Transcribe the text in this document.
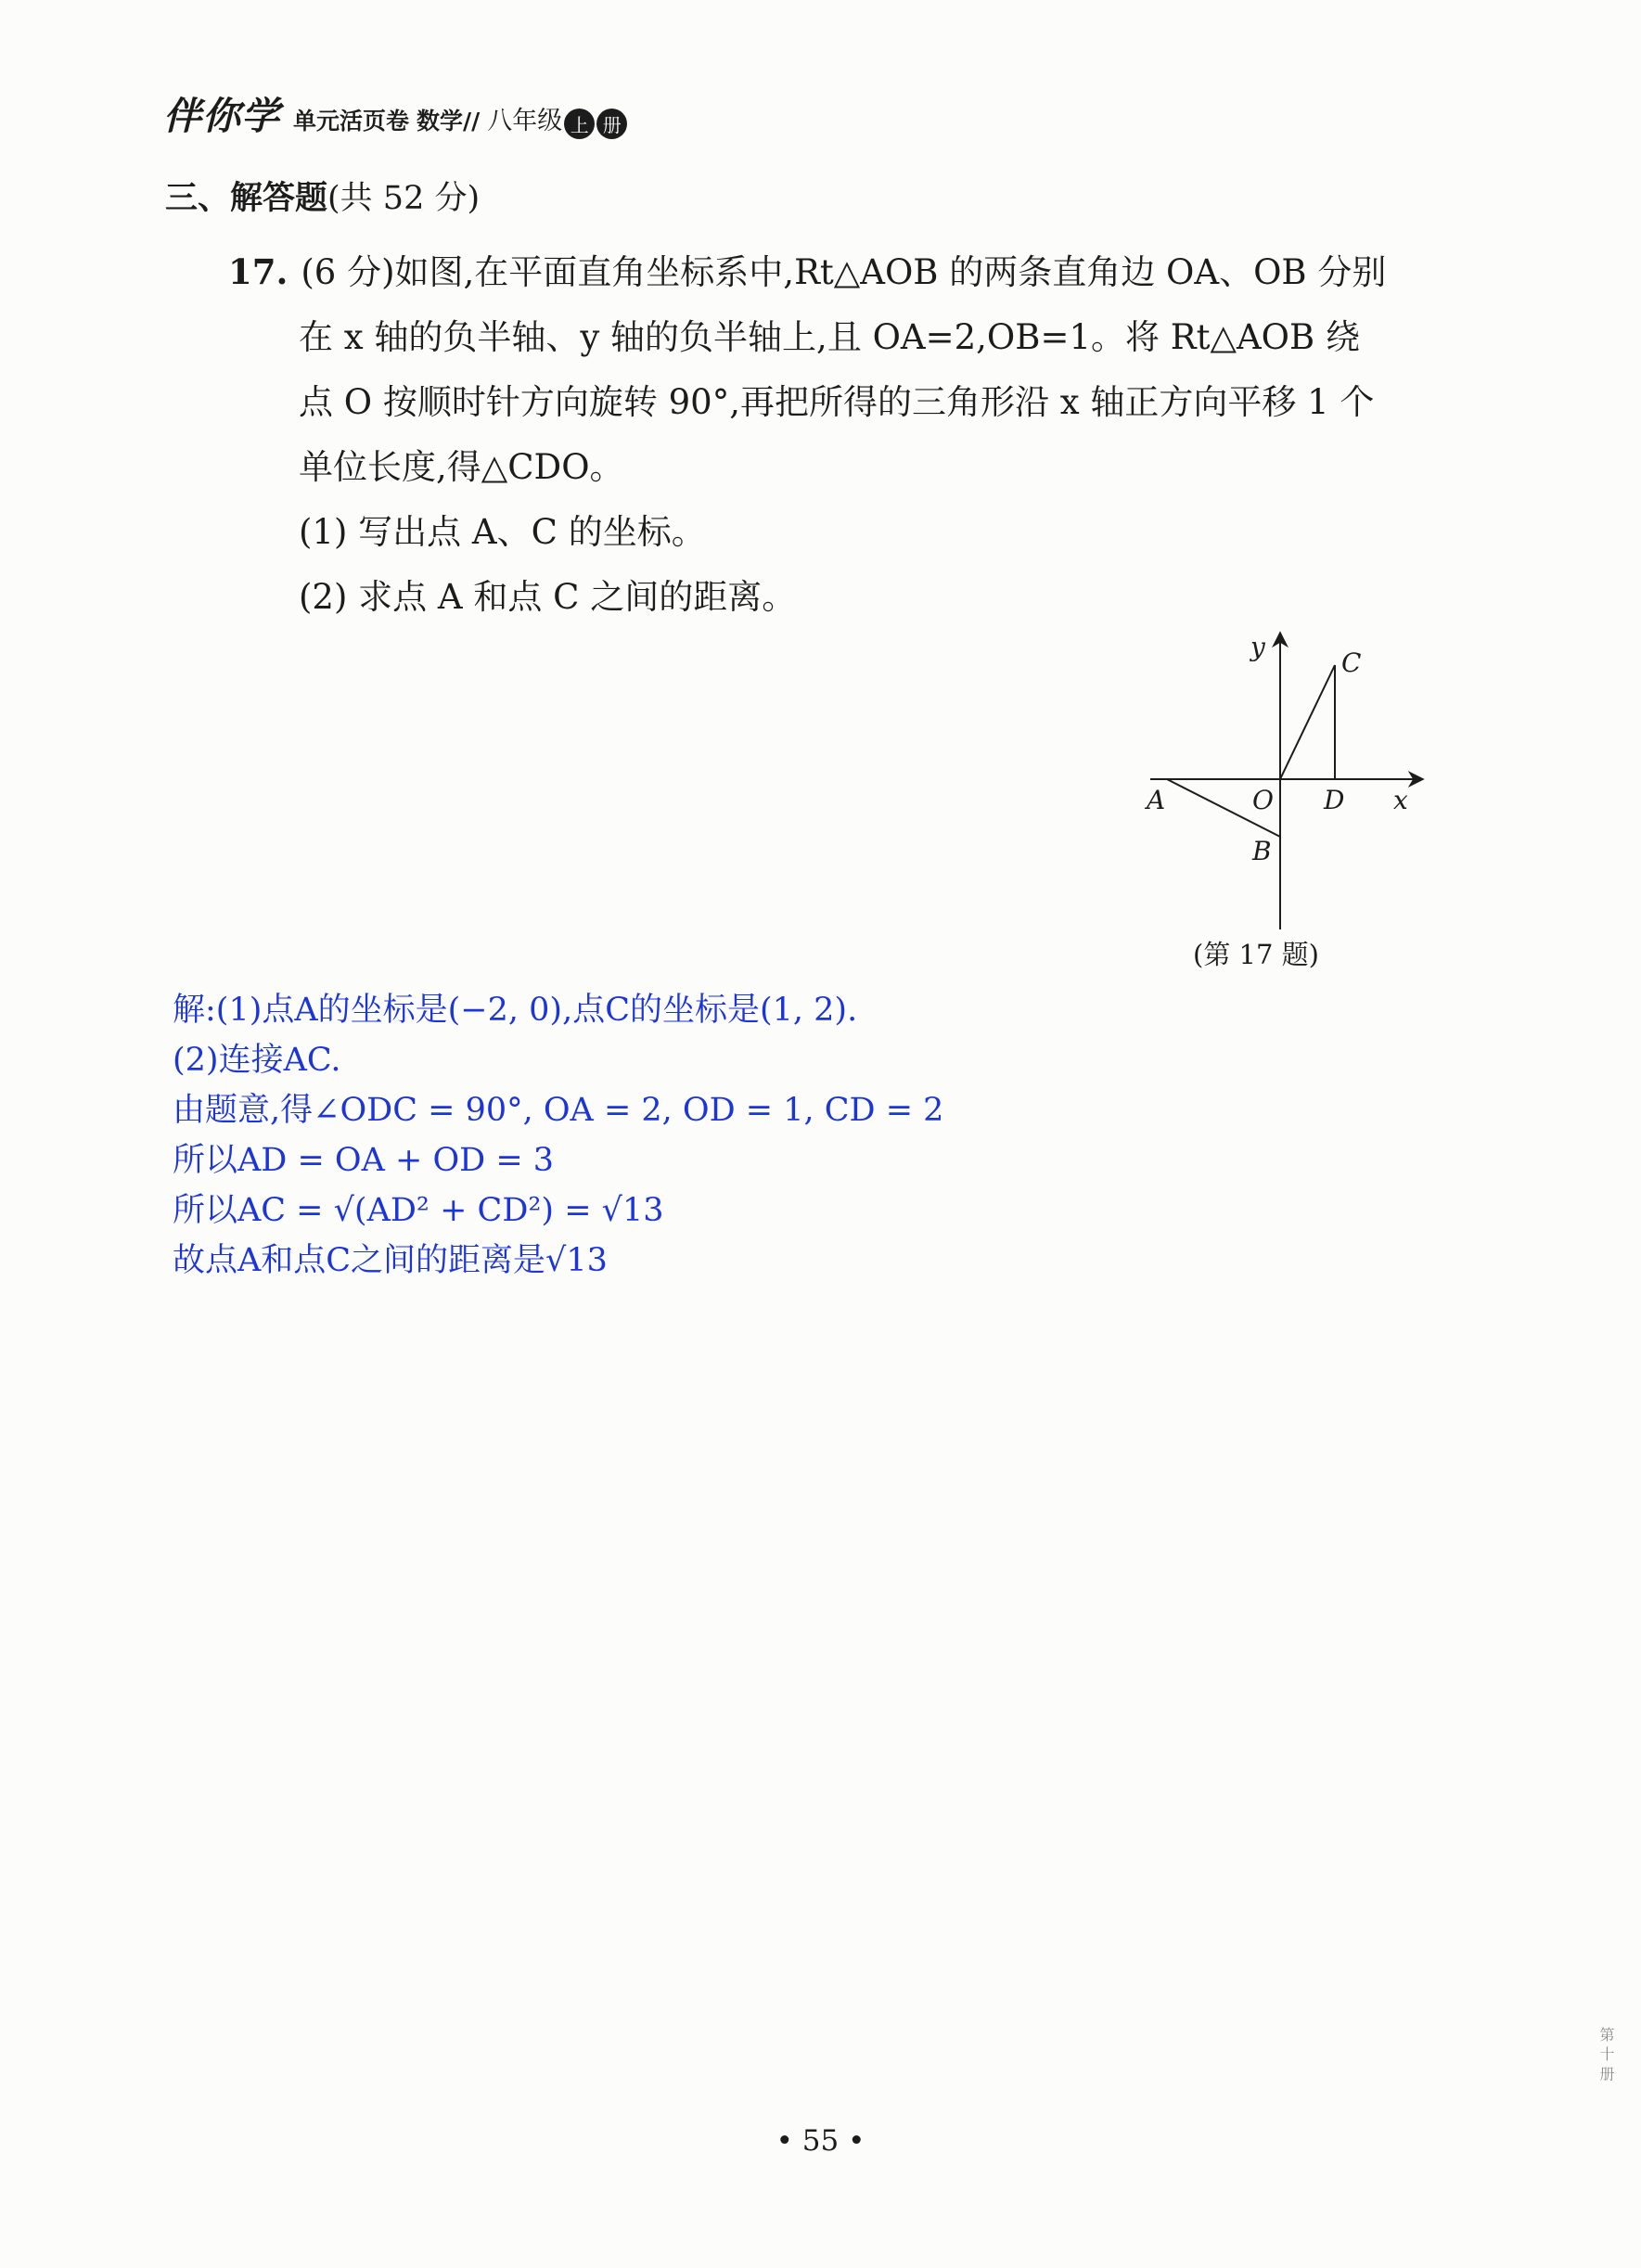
伴你学 单元活页卷 数学// 八年级 上 册
三、解答题(共 52 分)

17. (6 分)如图,在平面直角坐标系中,Rt△AOB 的两条直角边 OA、OB 分别

在 x 轴的负半轴、y 轴的负半轴上,且 OA=2,OB=1。将 Rt△AOB 绕

点 O 按顺时针方向旋转 90°,再把所得的三角形沿 x 轴正方向平移 1 个

单位长度,得△CDO。

(1) 写出点 A、C 的坐标。

(2) 求点 A 和点 C 之间的距离。

y
C
A	O D x
B
(第 17 题)

解:(1)点A的坐标是(−2, 0),点C的坐标是(1, 2).

(2)连接AC.

由题意,得∠ODC = 90°, OA = 2, OD = 1, CD = 2

所以AD = OA + OD = 3

所以AC = √(AD² + CD²) = √13

故点A和点C之间的距离是√13

• 55 •
第 十 册
